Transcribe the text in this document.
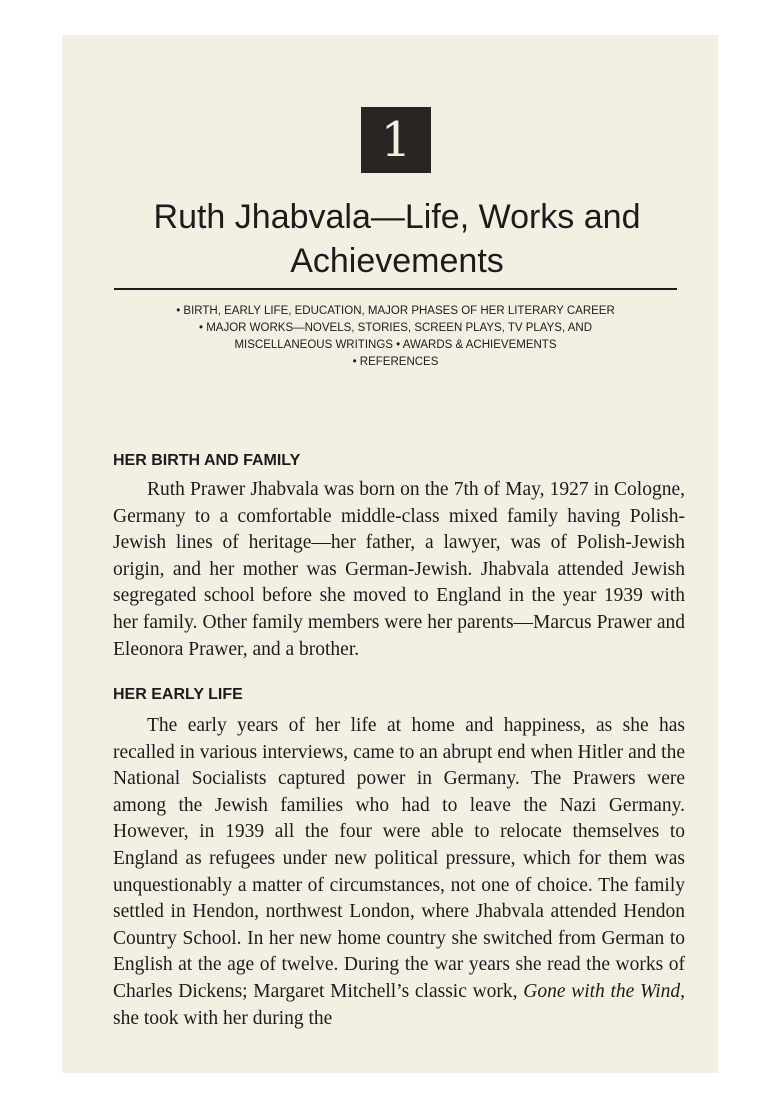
1
Ruth Jhabvala—Life, Works and
Achievements
• BIRTH, EARLY LIFE, EDUCATION, MAJOR PHASES OF HER LITERARY CAREER
• MAJOR WORKS—NOVELS, STORIES, SCREEN PLAYS, TV PLAYS, AND
MISCELLANEOUS WRITINGS • AWARDS & ACHIEVEMENTS
• REFERENCES
HER BIRTH AND FAMILY

Ruth Prawer Jhabvala was born on the 7th of May, 1927 in Cologne, Germany to a comfortable middle-class mixed family having Polish-Jewish lines of heritage—her father, a lawyer, was of Polish-Jewish origin, and her mother was German-Jewish. Jhabvala attended Jewish segregated school before she moved to England in the year 1939 with her family. Other family members were her parents—Marcus Prawer and Eleonora Prawer, and a brother.

HER EARLY LIFE

The early years of her life at home and happiness, as she has recalled in various interviews, came to an abrupt end when Hitler and the National Socialists captured power in Germany. The Prawers were among the Jewish families who had to leave the Nazi Germany. However, in 1939 all the four were able to relocate themselves to England as refugees under new political pressure, which for them was unquestionably a matter of circumstances, not one of choice. The family settled in Hendon, northwest London, where Jhabvala attended Hendon Country School. In her new home country she switched from German to English at the age of twelve. During the war years she read the works of Charles Dickens; Margaret Mitchell’s classic work, Gone with the Wind, she took with her during the
